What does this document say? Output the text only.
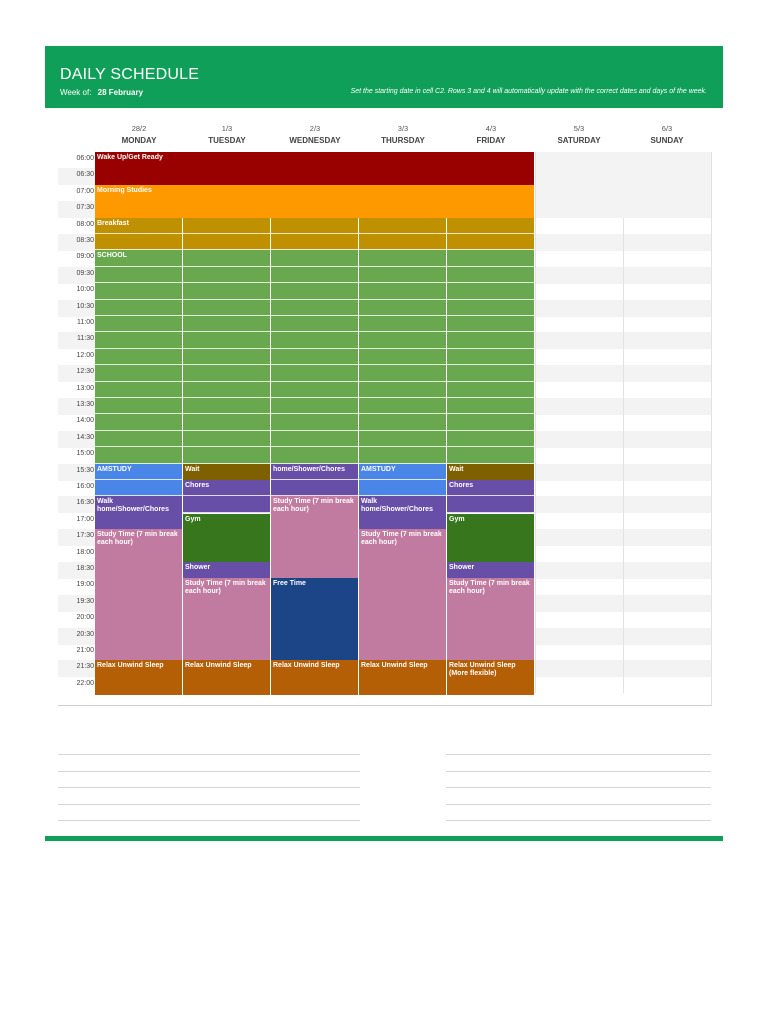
DAILY SCHEDULE
Week of: 28 February	Set the starting date in cell C2. Rows 3 and 4 will automatically update with the correct dates and days of the week.
28/2
MONDAY
1/3
TUESDAY
2/3
WEDNESDAY
3/3
THURSDAY
4/3
FRIDAY
5/3
SATURDAY
6/3
SUNDAY
06:00
06:30
07:00
07:30
08:00
08:30
09:00
09:30
10:00
10:30
11:00
11:30
12:00
12:30
13:00
13:30
14:00
14:30
15:00
15:30
16:00
16:30
17:00
17:30
18:00
18:30
19:00
19:30
20:00
20:30
21:00
21:30
22:00
Wake Up/Get Ready
Morning Studies
Breakfast
SCHOOL
AMSTUDY
Walk home/Shower/Chores
Study Time (7 min break each hour)
Relax Unwind Sleep
Wait
Chores
Gym
Shower
Study Time (7 min break each hour)
Relax Unwind Sleep
home/Shower/Chores
Study Time (7 min break each hour)
Free Time
Relax Unwind Sleep
AMSTUDY
Walk home/Shower/Chores
Study Time (7 min break each hour)
Relax Unwind Sleep
Wait
Chores
Gym
Shower
Study Time (7 min break each hour)
Relax Unwind Sleep (More flexible)
